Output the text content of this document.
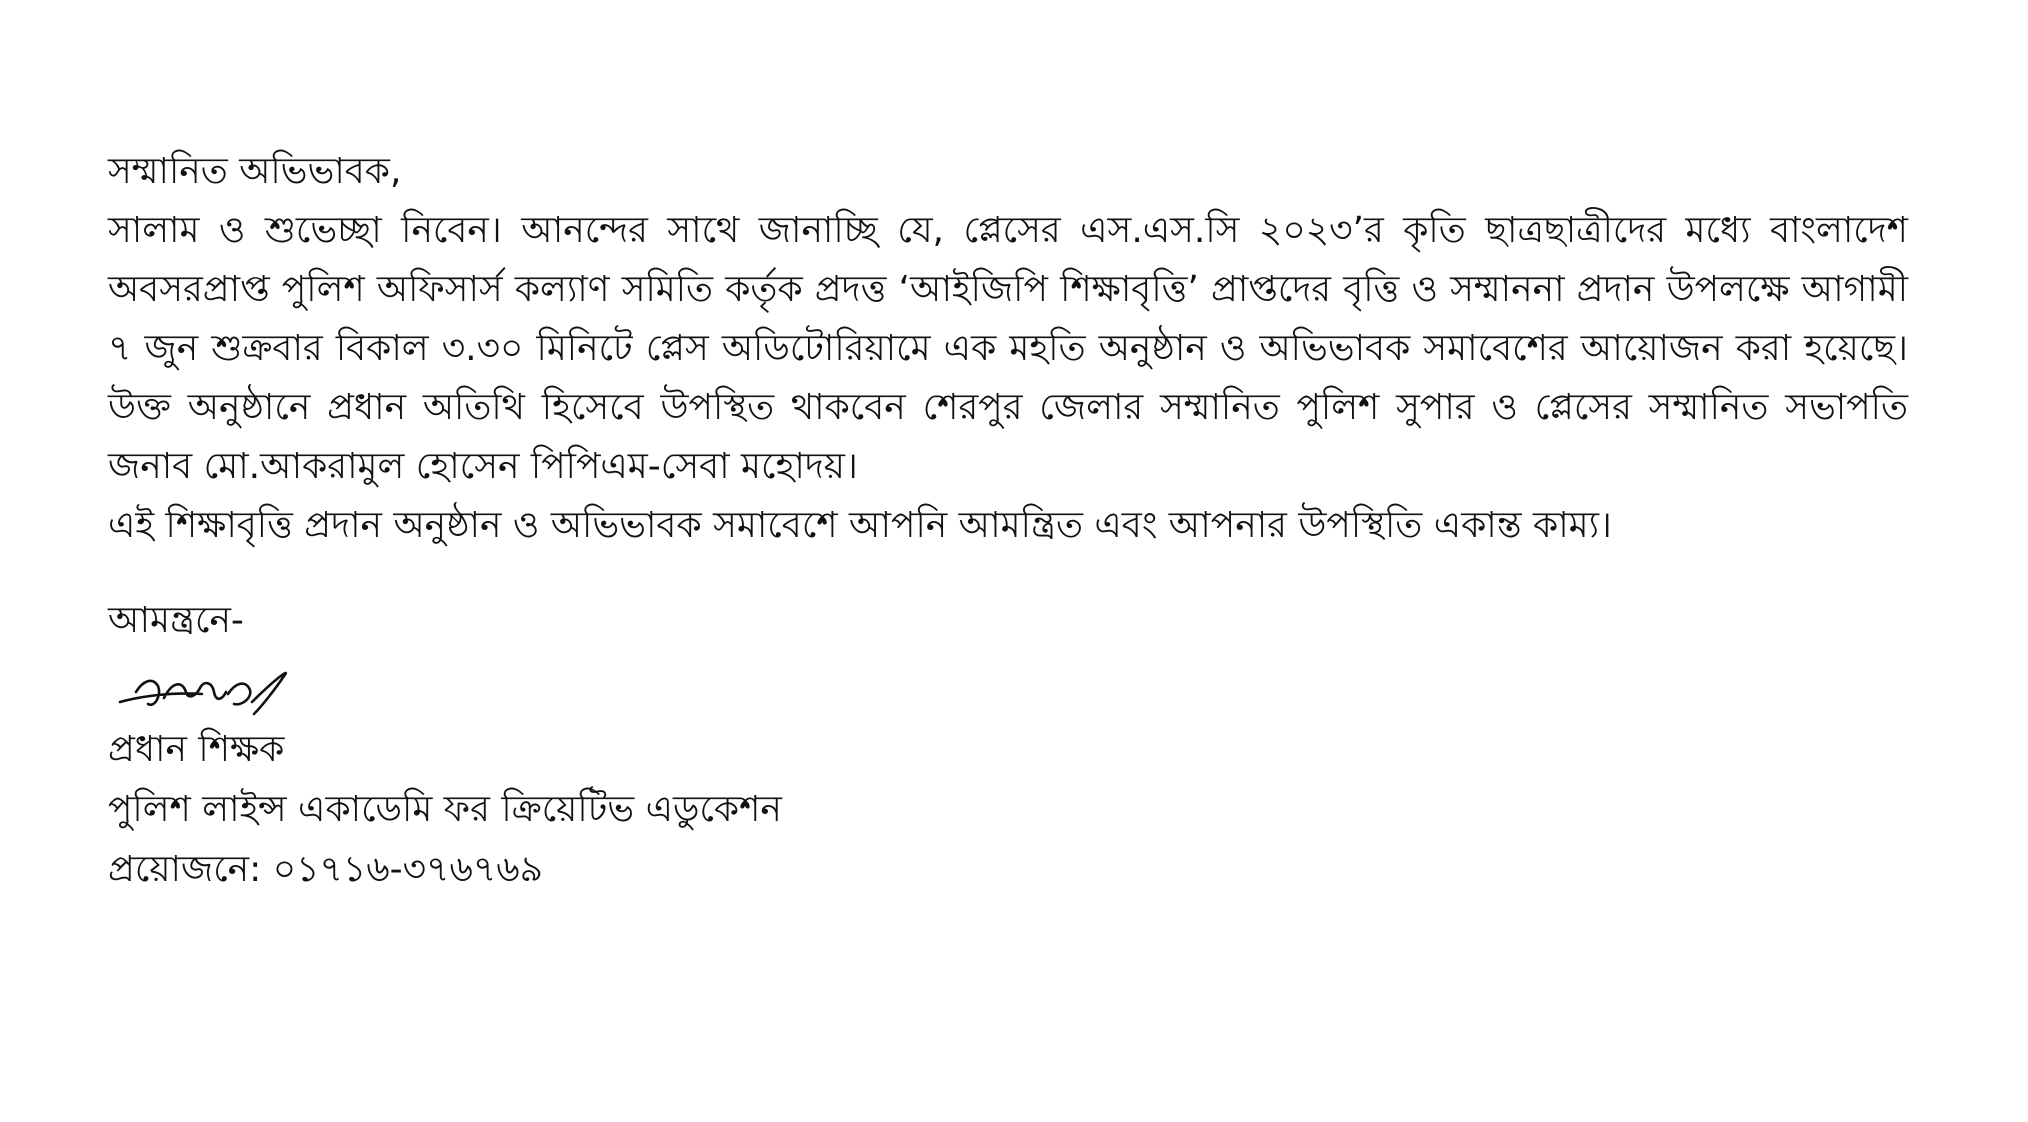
সম্মানিত অভিভাবক,

সালাম ও শুভেচ্ছা নিবেন। আনন্দের সাথে জানাচ্ছি যে, প্লেসের এস.এস.সি ২০২৩’র কৃতি ছাত্রছাত্রীদের মধ্যে বাংলাদেশ অবসরপ্রাপ্ত পুলিশ অফিসার্স কল্যাণ সমিতি কর্তৃক প্রদত্ত ‘আইজিপি শিক্ষাবৃত্তি’ প্রাপ্তদের বৃত্তি ও সম্মাননা প্রদান উপলক্ষে আগামী ৭ জুন শুক্রবার বিকাল ৩.৩০ মিনিটে প্লেস অডিটোরিয়ামে এক মহতি অনুষ্ঠান ও অভিভাবক সমাবেশের আয়োজন করা হয়েছে। উক্ত অনুষ্ঠানে প্রধান অতিথি হিসেবে উপস্থিত থাকবেন শেরপুর জেলার সম্মানিত পুলিশ সুপার ও প্লেসের সম্মানিত সভাপতি জনাব মো.আকরামুল হোসেন পিপিএম-সেবা মহোদয়।

এই শিক্ষাবৃত্তি প্রদান অনুষ্ঠান ও অভিভাবক সমাবেশে আপনি আমন্ত্রিত এবং আপনার উপস্থিতি একান্ত কাম্য।

আমন্ত্রনে-

প্রধান শিক্ষক

পুলিশ লাইন্স একাডেমি ফর ক্রিয়েটিভ এডুকেশন

প্রয়োজনে: ০১৭১৬-৩৭৬৭৬৯
